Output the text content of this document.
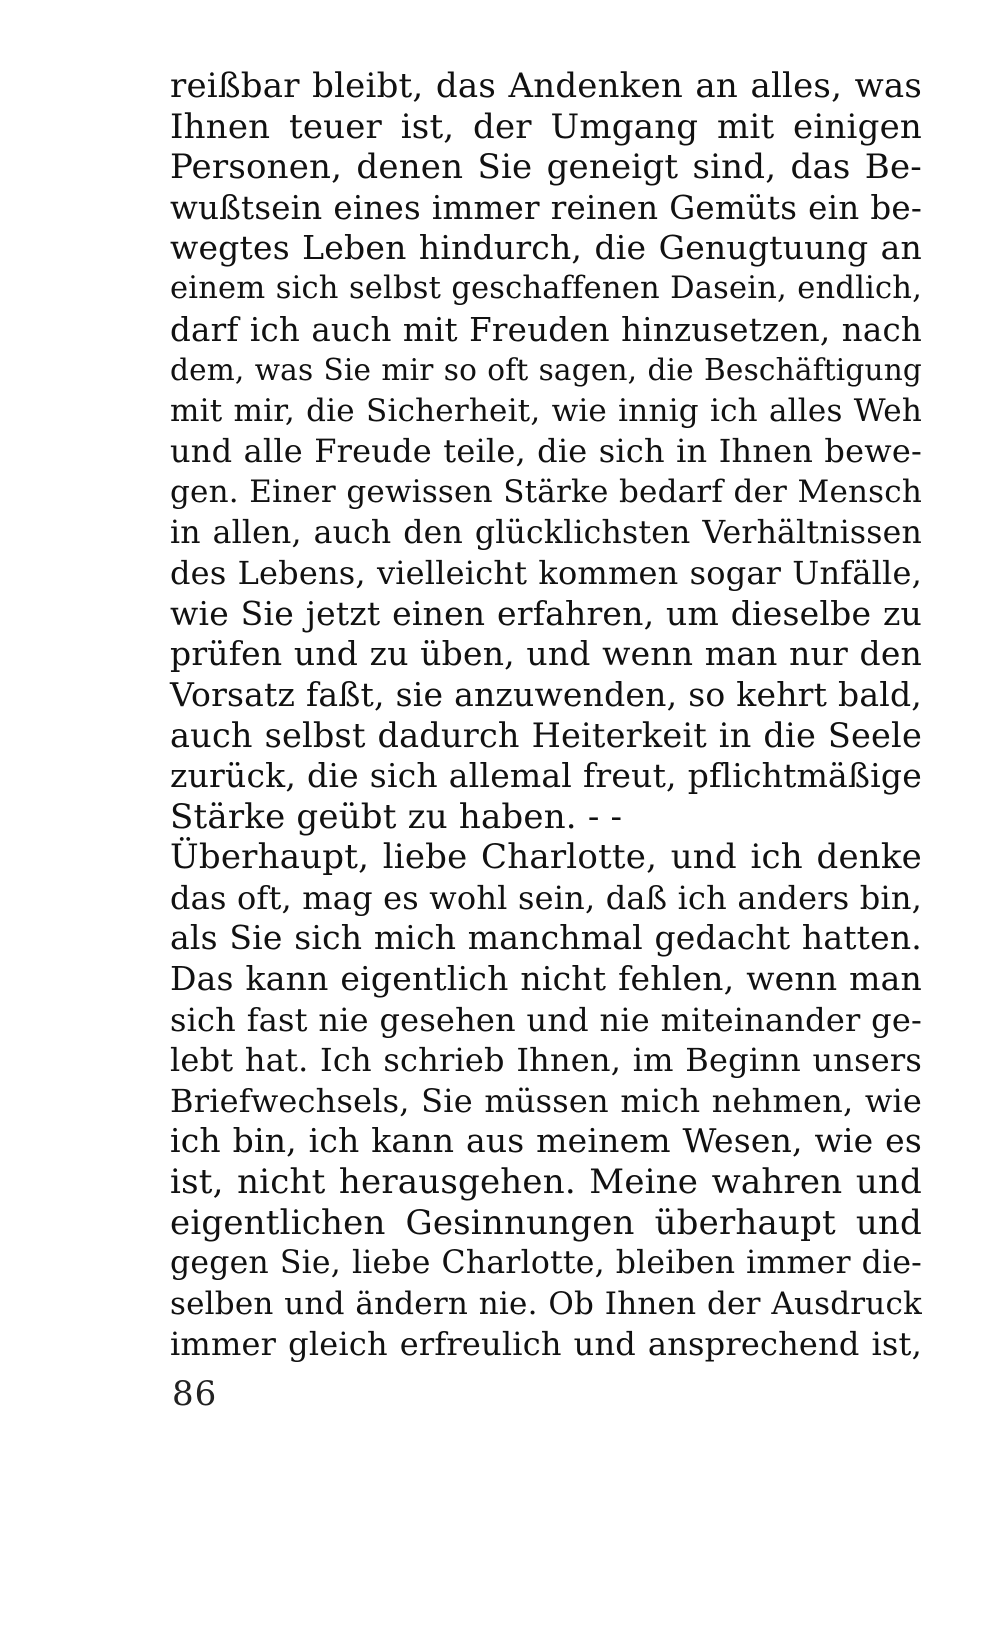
reißbar bleibt, das Andenken an alles, was
Ihnen teuer ist, der Umgang mit einigen
Personen, denen Sie geneigt sind, das Be-
wußtsein eines immer reinen Gemüts ein be-
wegtes Leben hindurch, die Genugtuung an
einem sich selbst geschaffenen Dasein, endlich,
darf ich auch mit Freuden hinzusetzen, nach
dem, was Sie mir so oft sagen, die Beschäftigung
mit mir, die Sicherheit, wie innig ich alles Weh
und alle Freude teile, die sich in Ihnen bewe-
gen. Einer gewissen Stärke bedarf der Mensch
in allen, auch den glücklichsten Verhältnissen
des Lebens, vielleicht kommen sogar Unfälle,
wie Sie jetzt einen erfahren, um dieselbe zu
prüfen und zu üben, und wenn man nur den
Vorsatz faßt, sie anzuwenden, so kehrt bald,
auch selbst dadurch Heiterkeit in die Seele
zurück, die sich allemal freut, pflichtmäßige
Stärke geübt zu haben. - -
Überhaupt, liebe Charlotte, und ich denke
das oft, mag es wohl sein, daß ich anders bin,
als Sie sich mich manchmal gedacht hatten.
Das kann eigentlich nicht fehlen, wenn man
sich fast nie gesehen und nie miteinander ge-
lebt hat. Ich schrieb Ihnen, im Beginn unsers
Briefwechsels, Sie müssen mich nehmen, wie
ich bin, ich kann aus meinem Wesen, wie es
ist, nicht herausgehen. Meine wahren und
eigentlichen Gesinnungen überhaupt und
gegen Sie, liebe Charlotte, bleiben immer die-
selben und ändern nie. Ob Ihnen der Ausdruck
immer gleich erfreulich und ansprechend ist,
86
